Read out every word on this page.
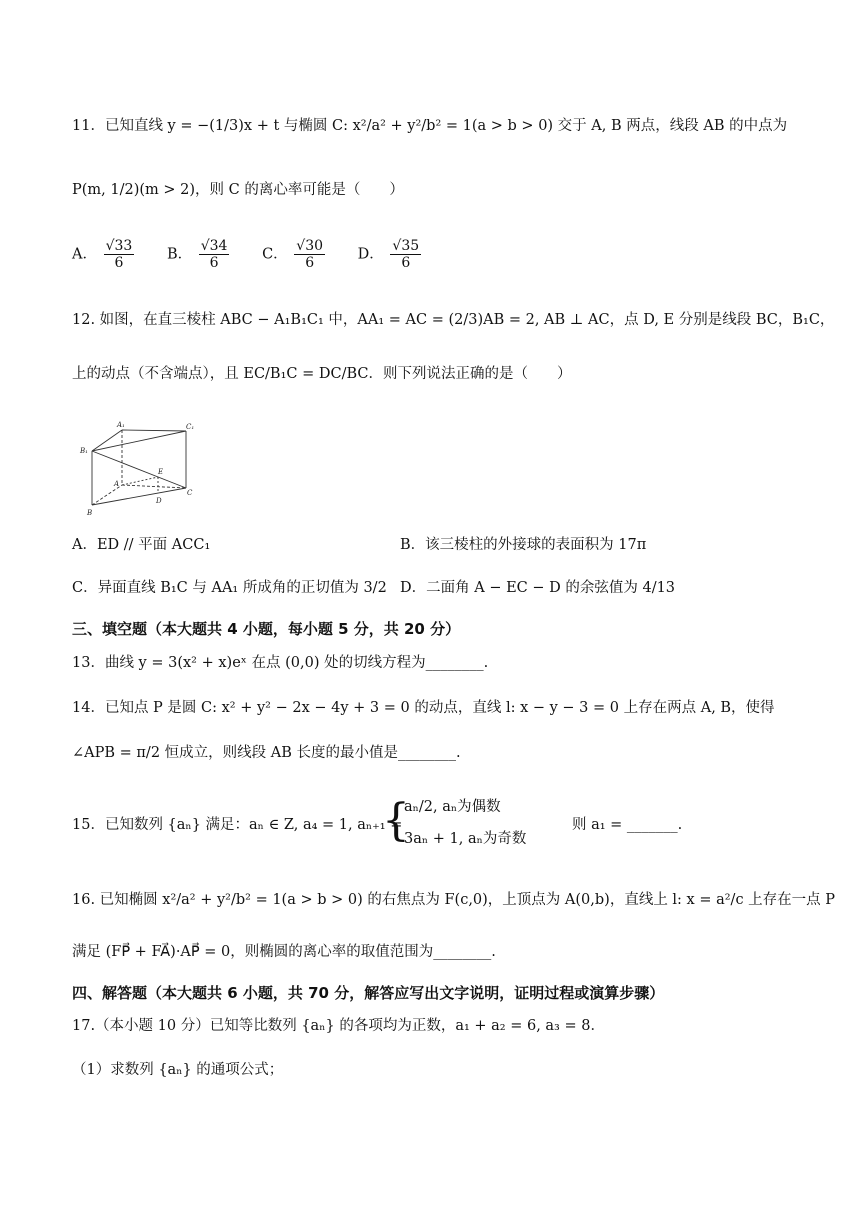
11．已知直线 y = −(1/3)x + t 与椭圆 C: x²/a² + y²/b² = 1(a > b > 0) 交于 A, B 两点，线段 AB 的中点为
P(m, 1/2)(m > 2)，则 C 的离心率可能是（　　）
A． $\frac{√33}{6}$ B． $\frac{√34}{6}$ C． $\frac{√30}{6}$ D． $\frac{√35}{6}$
12. 如图，在直三棱柱 ABC − A₁B₁C₁ 中，AA₁ = AC = (2/3)AB = 2, AB ⊥ AC，点 D, E 分别是线段 BC，B₁C，
上的动点（不含端点），且 EC/B₁C = DC/BC．则下列说法正确的是（　　）
A₁	C₁
B₁
E
A
D
C
B
A．ED // 平面 ACC₁	B．该三棱柱的外接球的表面积为 17π
C．异面直线 B₁C 与 AA₁ 所成角的正切值为 3/2 D．二面角 A − EC − D 的余弦值为 4/13
三、填空题（本大题共 4 小题，每小题 5 分，共 20 分）
13．曲线 y = 3(x² + x)eˣ 在点 (0,0) 处的切线方程为________.
14．已知点 P 是圆 C: x² + y² − 2x − 4y + 3 = 0 的动点，直线 l: x − y − 3 = 0 上存在两点 A, B，使得
∠APB = π/2 恒成立，则线段 AB 长度的最小值是________.
15．已知数列 {aₙ} 满足：aₙ ∈ Z, a₄ = 1, aₙ₊₁ =
{
aₙ/2, aₙ为偶数
3aₙ + 1, aₙ为奇数
则 a₁ = _______.
16. 已知椭圆 x²/a² + y²/b² = 1(a > b > 0) 的右焦点为 F(c,0)，上顶点为 A(0,b)，直线上 l: x = a²/c 上存在一点 P
满足 (FP⃗ + FA⃗)·AP⃗ = 0，则椭圆的离心率的取值范围为________.
四、解答题（本大题共 6 小题，共 70 分，解答应写出文字说明，证明过程或演算步骤）
17.（本小题 10 分）已知等比数列 {aₙ} 的各项均为正数，a₁ + a₂ = 6, a₃ = 8．
（1）求数列 {aₙ} 的通项公式；
